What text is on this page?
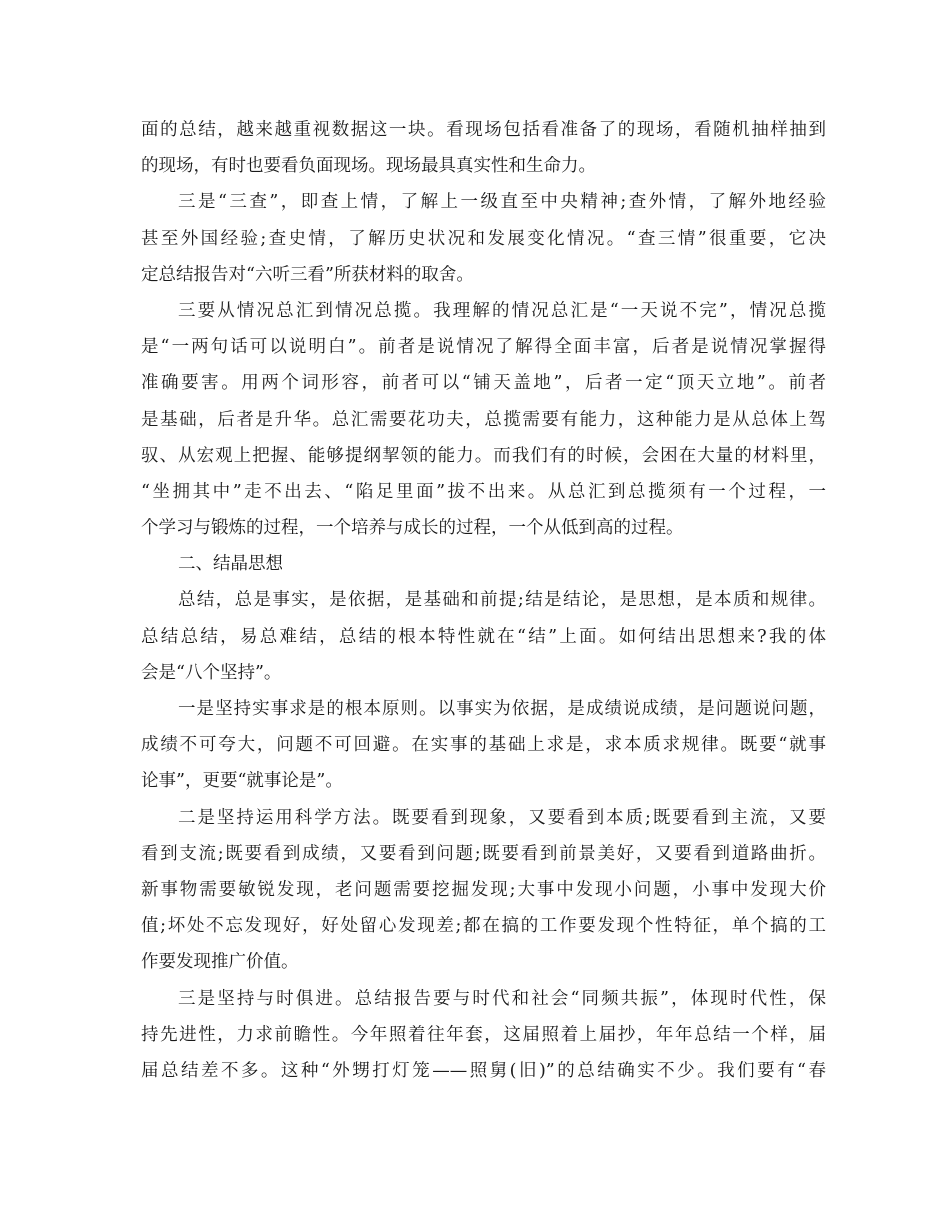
面的总结，越来越重视数据这一块。看现场包括看准备了的现场，看随机抽样抽到
的现场，有时也要看负面现场。现场最具真实性和生命力。
三是“三查”，即查上情，了解上一级直至中央精神;查外情，了解外地经验
甚至外国经验;查史情，了解历史状况和发展变化情况。“查三情”很重要，它决
定总结报告对“六听三看”所获材料的取舍。
三要从情况总汇到情况总揽。我理解的情况总汇是“一天说不完”，情况总揽
是“一两句话可以说明白”。前者是说情况了解得全面丰富，后者是说情况掌握得
准确要害。用两个词形容，前者可以“铺天盖地”，后者一定“顶天立地”。前者
是基础，后者是升华。总汇需要花功夫，总揽需要有能力，这种能力是从总体上驾
驭、从宏观上把握、能够提纲挈领的能力。而我们有的时候，会困在大量的材料里，
“坐拥其中”走不出去、“陷足里面”拔不出来。从总汇到总揽须有一个过程，一
个学习与锻炼的过程，一个培养与成长的过程，一个从低到高的过程。
二、结晶思想
总结，总是事实，是依据，是基础和前提;结是结论，是思想，是本质和规律。
总结总结，易总难结，总结的根本特性就在“结”上面。如何结出思想来?我的体
会是“八个坚持”。
一是坚持实事求是的根本原则。以事实为依据，是成绩说成绩，是问题说问题，
成绩不可夸大，问题不可回避。在实事的基础上求是，求本质求规律。既要“就事
论事”，更要“就事论是”。
二是坚持运用科学方法。既要看到现象，又要看到本质;既要看到主流，又要
看到支流;既要看到成绩，又要看到问题;既要看到前景美好，又要看到道路曲折。
新事物需要敏锐发现，老问题需要挖掘发现;大事中发现小问题，小事中发现大价
值;坏处不忘发现好，好处留心发现差;都在搞的工作要发现个性特征，单个搞的工
作要发现推广价值。
三是坚持与时俱进。总结报告要与时代和社会“同频共振”，体现时代性，保
持先进性，力求前瞻性。今年照着往年套，这届照着上届抄，年年总结一个样，届
届总结差不多。这种“外甥打灯笼——照舅(旧)”的总结确实不少。我们要有“春
